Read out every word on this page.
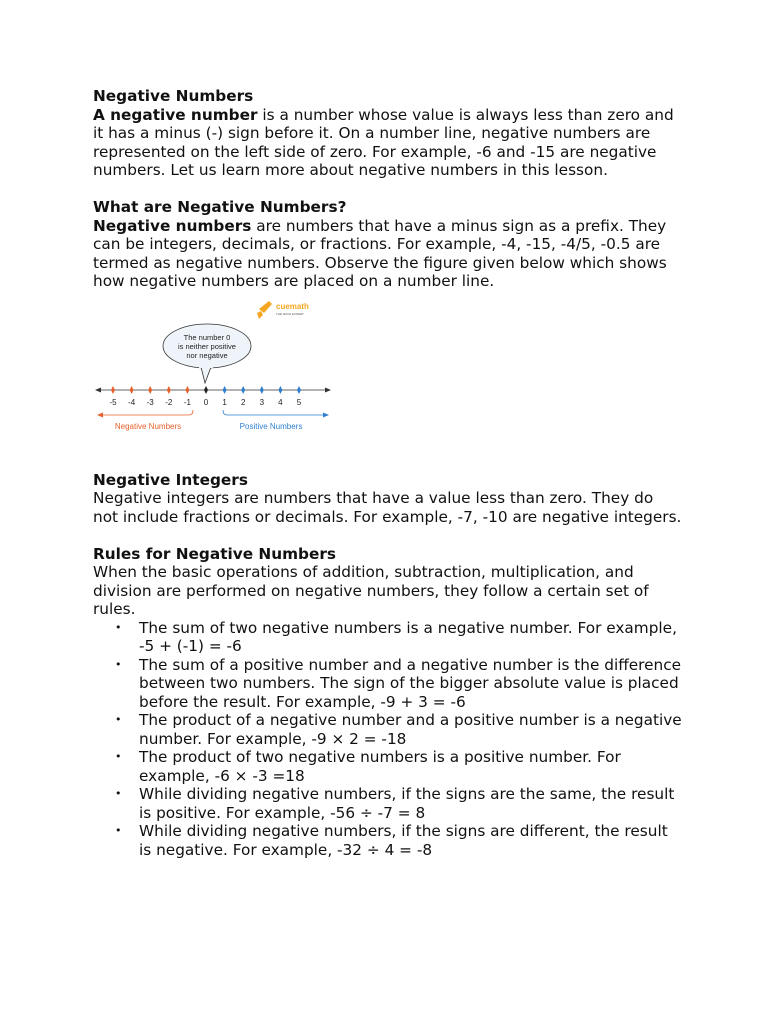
Negative Numbers

A negative number is a number whose value is always less than zero and it has a minus (-) sign before it. On a number line, negative numbers are represented on the left side of zero. For example, -6 and -15 are negative numbers. Let us learn more about negative numbers in this lesson.

What are Negative Numbers?

Negative numbers are numbers that have a minus sign as a prefix. They can be integers, decimals, or fractions. For example, -4, -15, -4/5, -0.5 are termed as negative numbers. Observe the figure given below which shows how negative numbers are placed on a number line.

cuemath
THE MATH EXPERT
The number 0
is neither positive
nor negative
-5 -4 -3 -2 -1 0 1 2 3 4 5
Negative Numbers	Positive Numbers

Negative Integers

Negative integers are numbers that have a value less than zero. They do not include fractions or decimals. For example, -7, -10 are negative integers.

Rules for Negative Numbers

When the basic operations of addition, subtraction, multiplication, and division are performed on negative numbers, they follow a certain set of rules.

• The sum of two negative numbers is a negative number. For example, -5 + (-1) = -6
• The sum of a positive number and a negative number is the difference between two numbers. The sign of the bigger absolute value is placed before the result. For example, -9 + 3 = -6
• The product of a negative number and a positive number is a negative number. For example, -9 × 2 = -18
• The product of two negative numbers is a positive number. For example, -6 × -3 =18
• While dividing negative numbers, if the signs are the same, the result is positive. For example, -56 ÷ -7 = 8
• While dividing negative numbers, if the signs are different, the result is negative. For example, -32 ÷ 4 = -8
